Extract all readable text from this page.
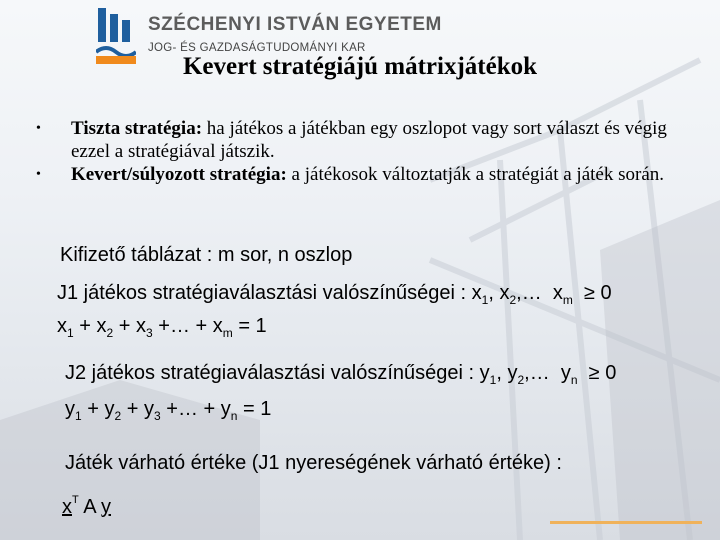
SZÉCHENYI ISTVÁN EGYETEM
JOG- ÉS GAZDASÁGTUDOMÁNYI KAR
Kevert stratégiájú mátrixjátékok
• Tiszta stratégia: ha játékos a játékban egy oszlopot vagy sort választ és végig ezzel a stratégiával játszik.
• Kevert/súlyozott stratégia: a játékosok változtatják a stratégiát a játék során.
Kifizető táblázat : m sor, n oszlop
J1 játékos stratégiaválasztási valószínűségei : $x_1$, $x_2,\dots$ $x_m \ge 0$
$x_1 + x_2 + x_3$ +… + $x_m = 1$
J2 játékos stratégiaválasztási valószínűségei : $y_1$, $y_2,\dots$ $y_n \ge 0$
$y_1 + y_2 + y_3$ +… + $y_n = 1$
Játék várható értéke (J1 nyereségének várható értéke) :
$x^T$ A y
